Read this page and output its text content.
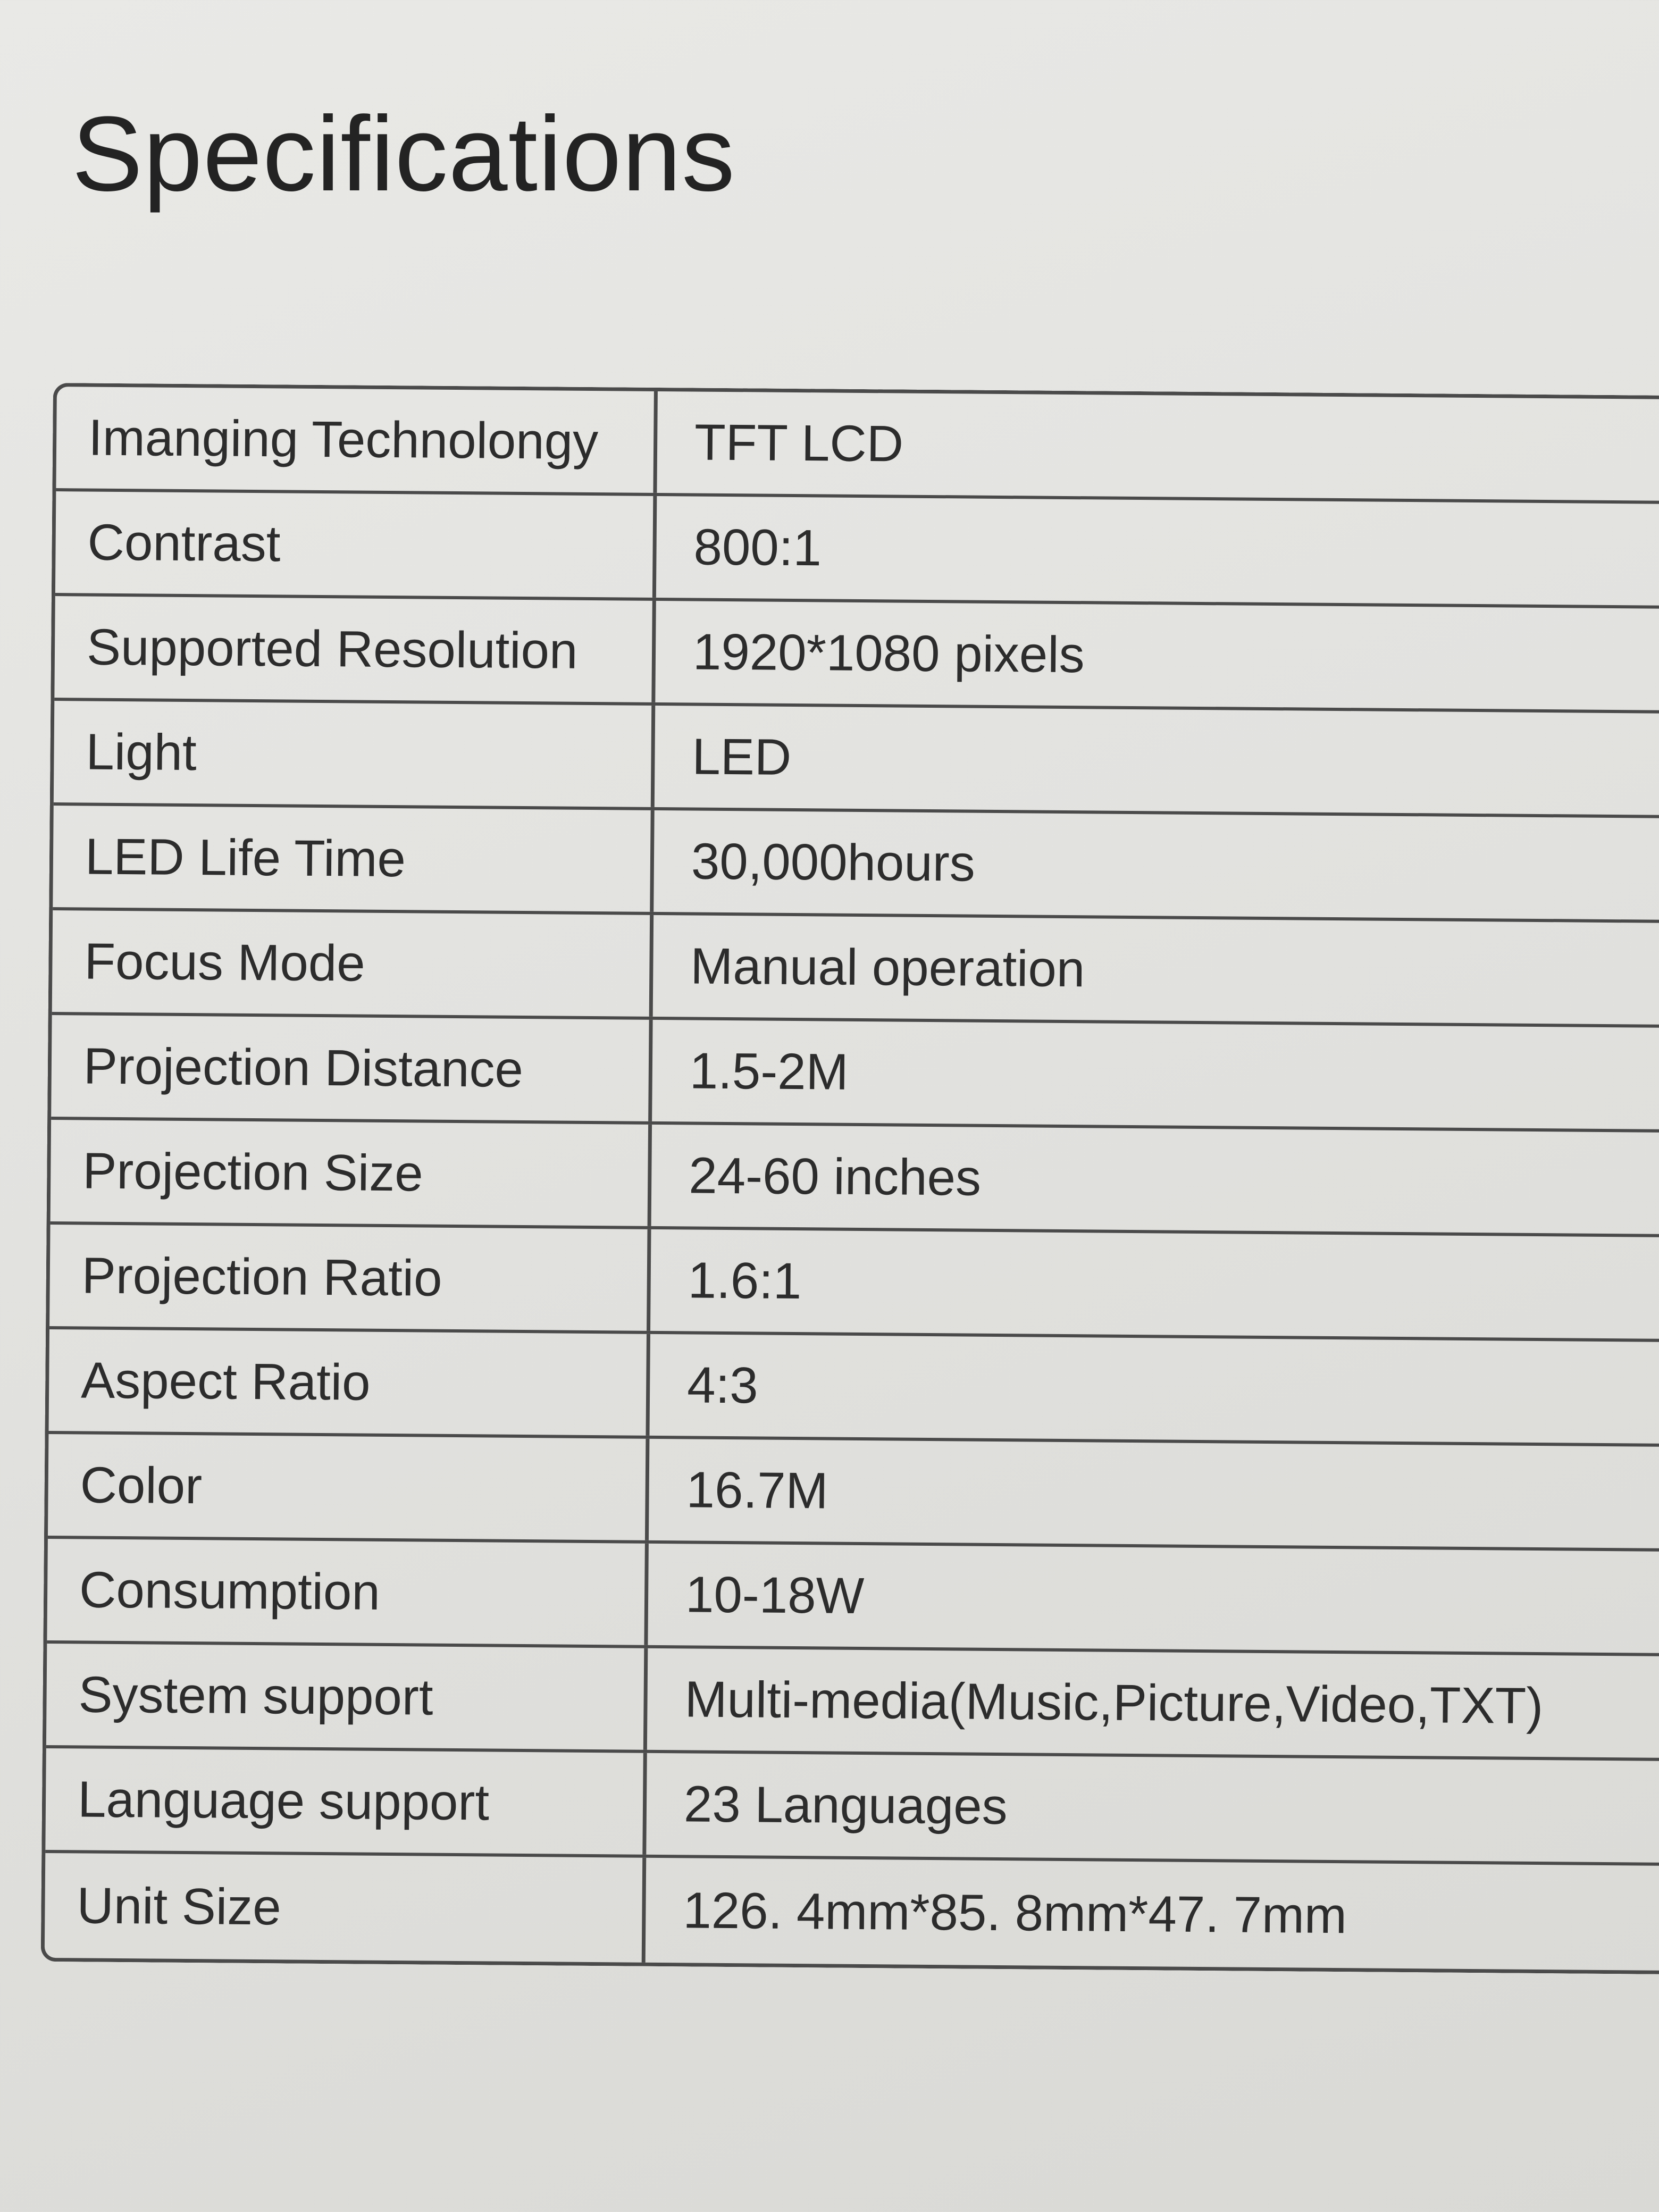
Specifications
Imanging Technolongy	TFT LCD
Contrast	800:1
Supported Resolution	1920*1080 pixels
Light	LED
LED Life Time	30,000hours
Focus Mode	Manual operation
Projection Distance	1.5-2M
Projection Size	24-60 inches
Projection Ratio	1.6:1
Aspect Ratio	4:3
Color	16.7M
Consumption	10-18W
System support	Multi-media(Music,Picture,Video,TXT)
Language support	23 Languages
Unit Size	126. 4mm*85. 8mm*47. 7mm
